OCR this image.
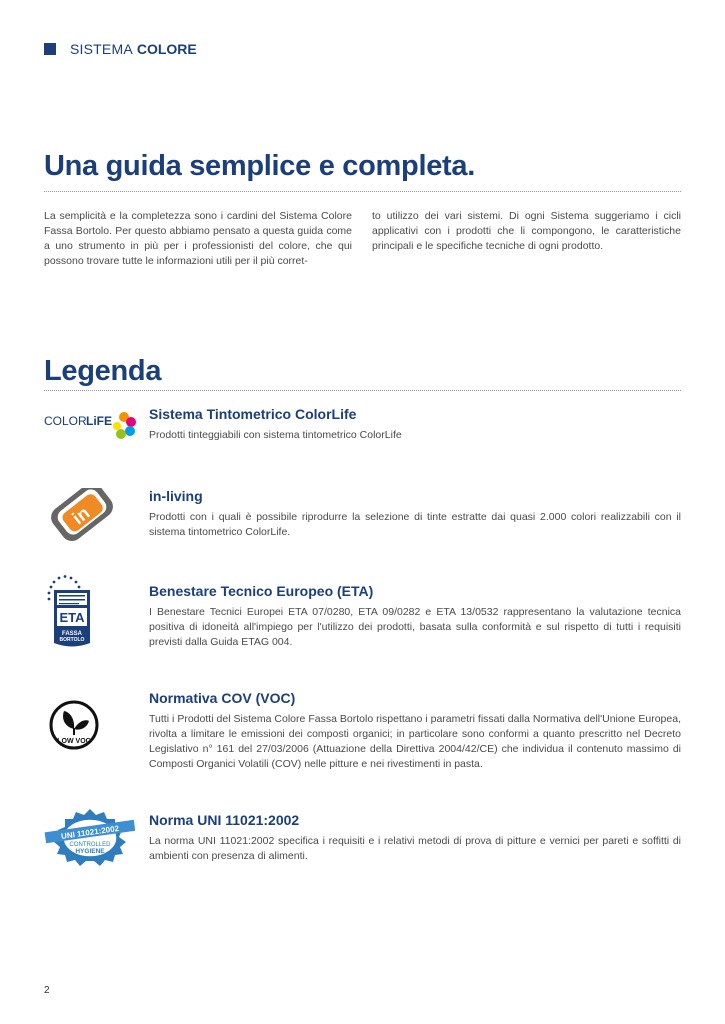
SISTEMA COLORE
Una guida semplice e completa.

La semplicità e la completezza sono i cardini del Sistema Colore Fassa Bortolo. Per questo abbiamo pensato a questa guida come a uno strumento in più per i professionisti del colore, che qui possono trovare tutte le informazioni utili per il più corret-

to utilizzo dei vari sistemi. Di ogni Sistema suggeriamo i cicli applicativi con i prodotti che li compongono, le caratteristiche principali e le specifiche tecniche di ogni prodotto.

Legenda
COLOR LiFE	Sistema Tintometrico ColorLife

Prodotti tinteggiabili con sistema tintometrico ColorLife

in
in-living

Prodotti con i quali è possibile riprodurre la selezione di tinte estratte dai quasi 2.000 colori realizzabili con il sistema tintometrico ColorLife.

ETA
FASSA
BORTOLO
Benestare Tecnico Europeo (ETA)

I Benestare Tecnici Europei ETA 07/0280, ETA 09/0282 e ETA 13/0532 rappresentano la valutazione tecnica positiva di idoneità all'impiego per l'utilizzo dei prodotti, basata sulla conformità e sul rispetto di tutti i requisiti previsti dalla Guida ETAG 004.

LOW VOC
Normativa COV (VOC)

Tutti i Prodotti del Sistema Colore Fassa Bortolo rispettano i parametri fissati dalla Normativa dell'Unione Europea, rivolta a limitare le emissioni dei composti organici; in particolare sono conformi a quanto prescritto nel Decreto Legislativo n° 161 del 27/03/2006 (Attuazione della Direttiva 2004/42/CE) che individua il contenuto massimo di Composti Organici Volatili (COV) nelle pitture e nei rivestimenti in pasta.

UNI 11021:2002
CONTROLLED
HYGIENE
Norma UNI 11021:2002

La norma UNI 11021:2002 specifica i requisiti e i relativi metodi di prova di pitture e vernici per pareti e soffitti di ambienti con presenza di alimenti.

2
